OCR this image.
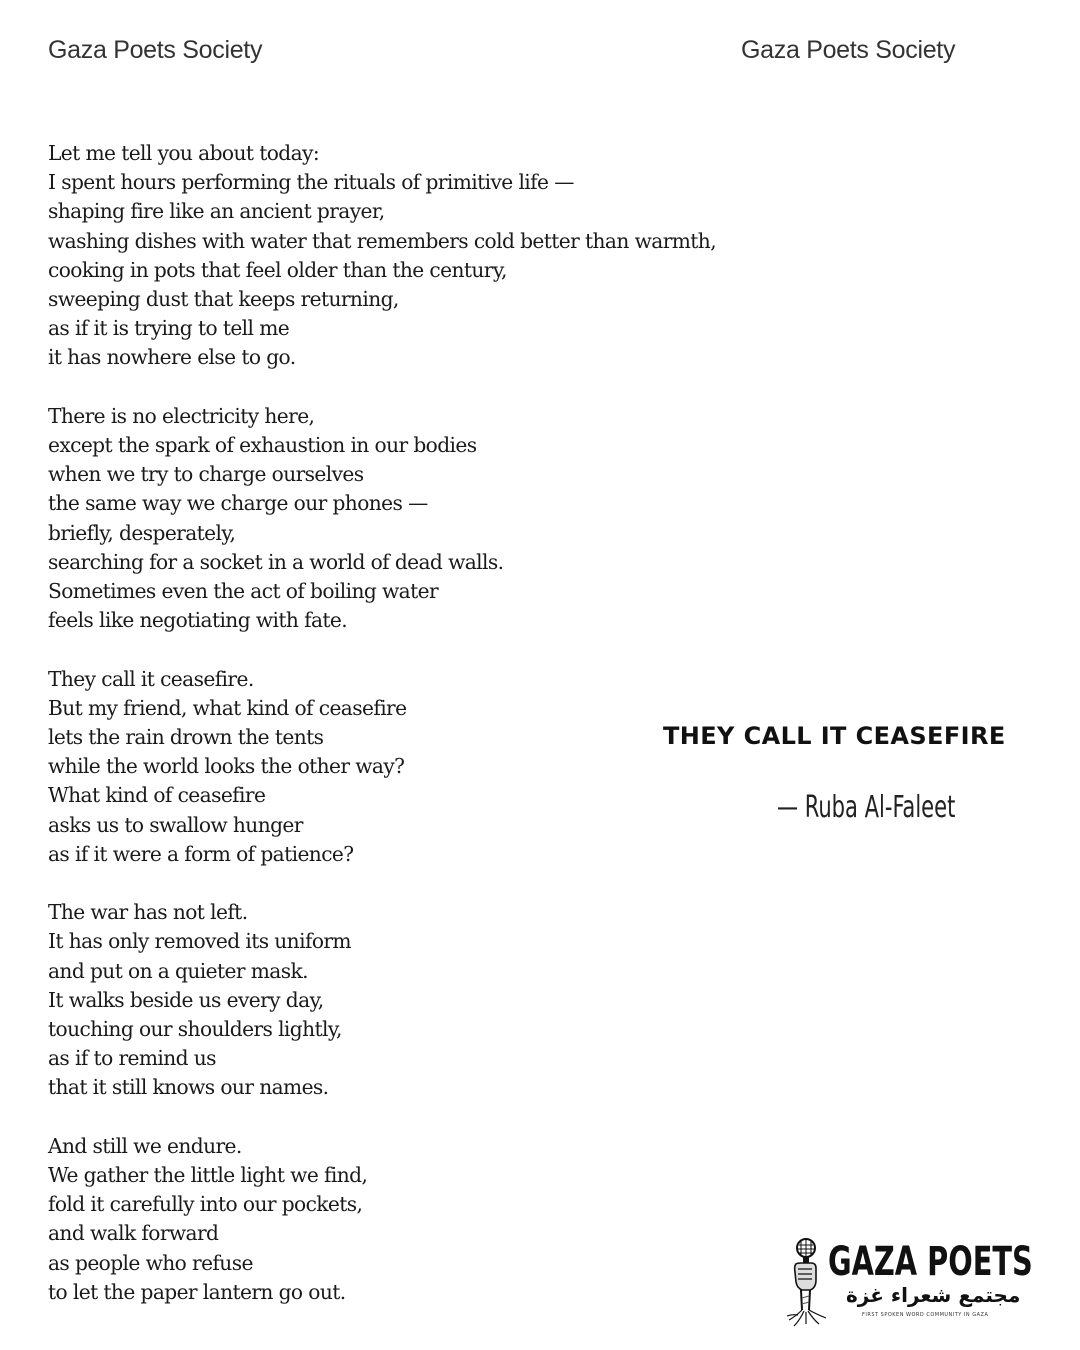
Gaza Poets Society	Gaza Poets Society
Let me tell you about today:
I spent hours performing the rituals of primitive life —
shaping fire like an ancient prayer,
washing dishes with water that remembers cold better than warmth,
cooking in pots that feel older than the century,
sweeping dust that keeps returning,
as if it is trying to tell me
it has nowhere else to go.
There is no electricity here,
except the spark of exhaustion in our bodies
when we try to charge ourselves
the same way we charge our phones —
briefly, desperately,
searching for a socket in a world of dead walls.
Sometimes even the act of boiling water
feels like negotiating with fate.
They call it ceasefire.
But my friend, what kind of ceasefire
lets the rain drown the tents
while the world looks the other way?
What kind of ceasefire
asks us to swallow hunger
as if it were a form of patience?
The war has not left.
It has only removed its uniform
and put on a quieter mask.
It walks beside us every day,
touching our shoulders lightly,
as if to remind us
that it still knows our names.
And still we endure.
We gather the little light we find,
fold it carefully into our pockets,
and walk forward
as people who refuse
to let the paper lantern go out.
THEY CALL IT CEASEFIRE
— Ruba Al-Faleet
GAZA POETS
مجتمع شعراء غزة
FIRST SPOKEN WORD COMMUNITY IN GAZA
